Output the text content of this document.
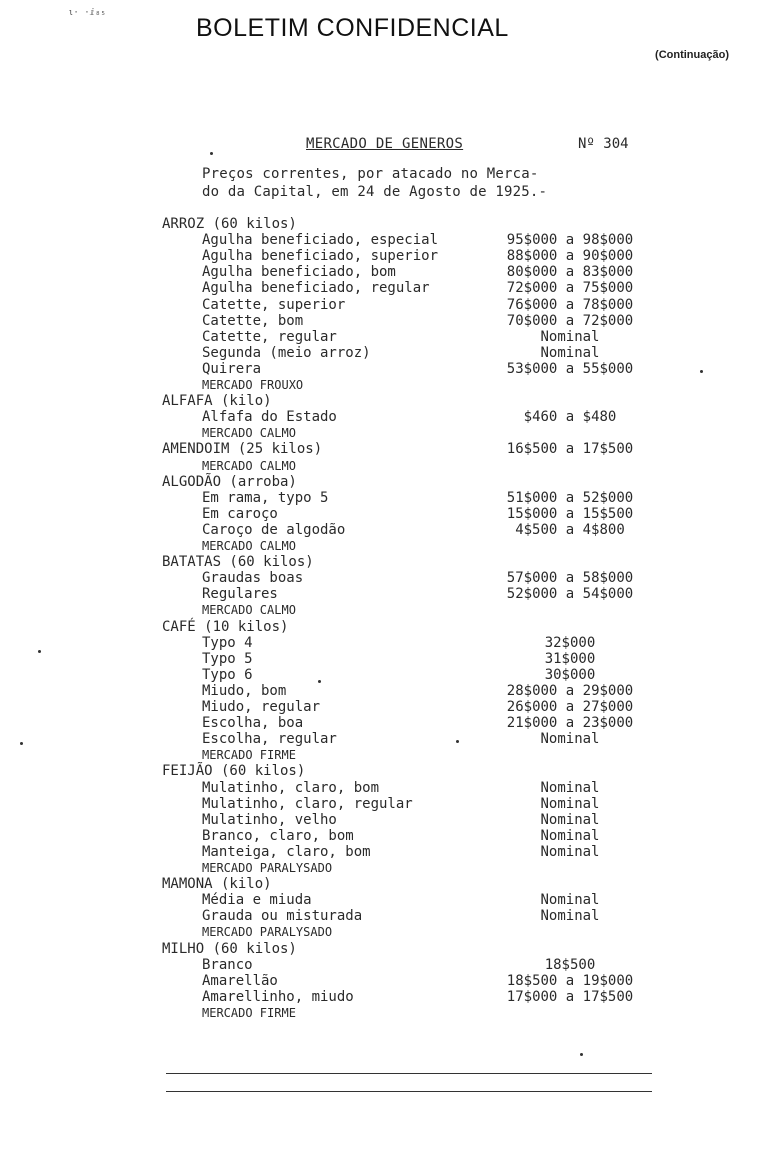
ι· ·ⅈ₈₅
BOLETIM CONFIDENCIAL
(Continuação)
MERCADO DE GENEROS	Nº 304
Preços correntes, por atacado no Merca-
do da Capital, em 24 de Agosto de 1925.-
ARROZ (60 kilos)
Agulha beneficiado, especial	95$000 a 98$000
Agulha beneficiado, superior	88$000 a 90$000
Agulha beneficiado, bom	80$000 a 83$000
Agulha beneficiado, regular	72$000 a 75$000
Catette, superior	76$000 a 78$000
Catette, bom	70$000 a 72$000
Catette, regular	Nominal
Segunda (meio arroz)	Nominal
Quirera	53$000 a 55$000
MERCADO FROUXO
ALFAFA (kilo)
Alfafa do Estado	$460 a $480
MERCADO CALMO
AMENDOIM (25 kilos)	16$500 a 17$500
MERCADO CALMO
ALGODÃO (arroba)
Em rama, typo 5	51$000 a 52$000
Em caroço	15$000 a 15$500
Caroço de algodão	4$500 a 4$800
MERCADO CALMO
BATATAS (60 kilos)
Graudas boas	57$000 a 58$000
Regulares	52$000 a 54$000
MERCADO CALMO
CAFÉ (10 kilos)
Typo 4	32$000
Typo 5	31$000
Typo 6	30$000
Miudo, bom	28$000 a 29$000
Miudo, regular	26$000 a 27$000
Escolha, boa	21$000 a 23$000
Escolha, regular	Nominal
MERCADO FIRME
FEIJÃO (60 kilos)
Mulatinho, claro, bom	Nominal
Mulatinho, claro, regular	Nominal
Mulatinho, velho	Nominal
Branco, claro, bom	Nominal
Manteiga, claro, bom	Nominal
MERCADO PARALYSADO
MAMONA (kilo)
Média e miuda	Nominal
Grauda ou misturada	Nominal
MERCADO PARALYSADO
MILHO (60 kilos)
Branco	18$500
Amarellão	18$500 a 19$000
Amarellinho, miudo	17$000 a 17$500
MERCADO FIRME
